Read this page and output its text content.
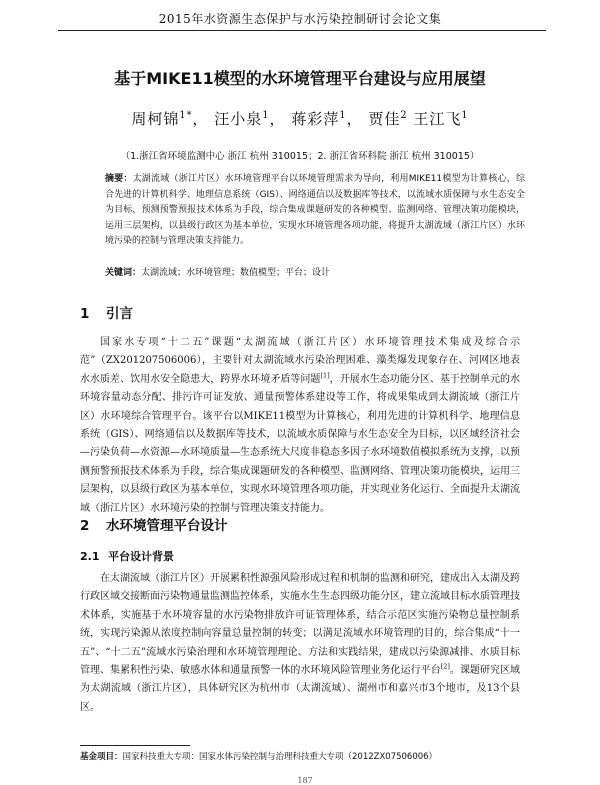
2015年水资源生态保护与水污染控制研讨会论文集
基于MIKE11模型的水环境管理平台建设与应用展望
周柯锦$^{1*}$， 汪小泉$^1$， 蒋彩萍$^1$， 贾佳$^2$ 王江飞$^1$
（1.浙江省环境监测中心 浙江 杭州 310015；2. 浙江省环科院 浙江 杭州 310015）
摘要：太湖流域（浙江片区）水环境管理平台以环境管理需求为导向，利用MIKE11模型为计算核心，综合先进的计算机科学、地理信息系统（GIS）、网络通信以及数据库等技术，以流域水质保障与水生态安全为目标，预测预警预报技术体系为手段，综合集成课题研发的各种模型、监测网络、管理决策功能模块，运用三层架构，以县级行政区为基本单位，实现水环境管理各项功能，将提升太湖流域（浙江片区）水环境污染的控制与管理决策支持能力。
关键词：太湖流域；水环境管理；数值模型；平台；设计
1 引言
国家水专项“十二五”课题“太湖流域（浙江片区）水环境管理技术集成及综合示范”（ZX201207506006），主要针对太湖流域水污染治理困难、藻类爆发现象存在、河网区地表水水质差、饮用水安全隐患大，跨界水环境矛盾等问题[1]，开展水生态功能分区、基于控制单元的水环境容量动态分配、排污许可证发放、通量预警体系建设等工作，将成果集成到太湖流域（浙江片区）水环境综合管理平台。该平台以MIKE11模型为计算核心，利用先进的计算机科学、地理信息系统（GIS）、网络通信以及数据库等技术，以流域水质保障与水生态安全为目标，以区域经济社会—污染负荷—水资源—水环境质量—生态系统大尺度非稳态多因子水环境数值模拟系统为支撑，以预测预警预报技术体系为手段，综合集成课题研发的各种模型、监测网络、管理决策功能模块，运用三层架构，以县级行政区为基本单位，实现水环境管理各项功能，并实现业务化运行、全面提升太湖流域（浙江片区）水环境污染的控制与管理决策支持能力。
2 水环境管理平台设计
2.1 平台设计背景
在太湖流域（浙江片区）开展累积性源强风险形成过程和机制的监测和研究，建成出入太湖及跨行政区域交接断面污染物通量监测监控体系，实施水生生态四级功能分区，建立流域目标水质管理技术体系，实施基于水环境容量的水污染物排放许可证管理体系，结合示范区实施污染物总量控制系统，实现污染源从浓度控制向容量总量控制的转变；以满足流域水环境管理的目的，综合集成“十一五”、“十二五”流域水污染治理和水环境管理理论、方法和实践结果，建成以污染源减排、水质目标管理、集累积性污染、敏感水体和通量预警一体的水环境风险管理业务化运行平台[2]。课题研究区域为太湖流域（浙江片区），具体研究区为杭州市（太湖流域）、湖州市和嘉兴市3个地市，及13个县区。
基金项目：国家科技重大专项：国家水体污染控制与治理科技重大专项（2012ZX07506006）
187
